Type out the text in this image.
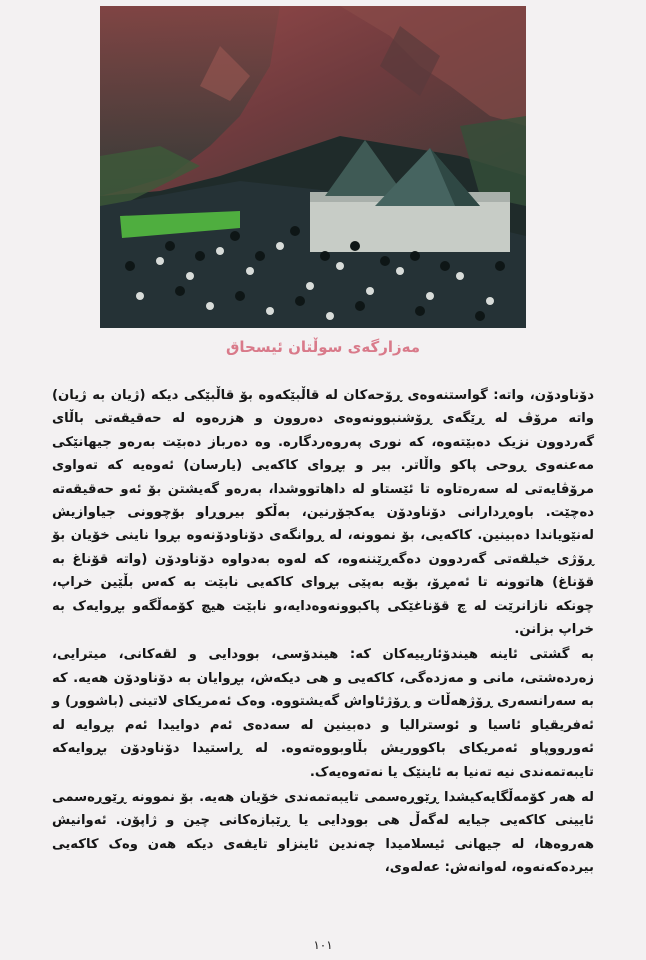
مەزارگەی سوڵتان ئیسحاق

دۆناودۆن، واتە: گواستنەوەی ڕۆحەکان لە قاڵبێکەوە بۆ قاڵبێکی دیکە (ژیان بە ژیان) واتە مرۆڤ لە ڕێگەی ڕۆشنبوونەوەی دەروون و هزرەوە لە حەقیقەتی باڵای گەردوون نزیک دەبێتەوە، کە نوری پەروەردگارە. وە دەرباز دەبێت بەرەو جیهانێکی مەعنەوی ڕوحی پاکو واڵاتر. بیر و بڕوای کاکەیی (یارسان) ئەوەیە کە تەواوی مرۆڤایەتی لە سەرەتاوە تا ئێستاو لە داهاتووشدا، بەرەو گەیشتن بۆ ئەو حەقیقەتە دەچێت. باوەڕدارانی دۆناودۆن یەکجۆرنین، بەڵکو بیروڕاو بۆچوونی جیاوازیش لەنێویاندا دەبینین. کاکەیی، بۆ نموونە، لە ڕوانگەی دۆناودۆنەوە بڕوا ناینی خۆیان بۆ ڕۆژی خیلقەتی گەردوون دەگەڕێننەوە، کە لەوە بەدواوە دۆناودۆن (واتە قۆناغ بە قۆناغ) هاتوونە تا ئەمڕۆ، بۆیە بەپێی بڕوای کاکەیی نابێت بە کەس بڵێین خراپ، چونکە نازانرێت لە چ قۆناغێکی پاکبوونەوەدایە،و نابێت هیچ کۆمەڵگەو بڕوایەک بە خراپ بزانن.

بە گشتی ئاینە هیندۆئارییەکان کە: هیندۆسی، بوودایی و لقەکانی، میترایی، زەردەشتی، مانی و مەزدەگی، کاکەیی و هی دیکەش، بڕوایان بە دۆناودۆن هەیە. کە بە سەرانسەری ڕۆژهەڵات و ڕۆژئاواش گەیشتووە. وەک ئەمریکای لاتینی (باشوور) و ئەفریقیاو ئاسیا و ئوسترالیا و دەبینین لە سەدەی ئەم دواییدا ئەم بڕوایە لە ئەورووپاو ئەمریکای باکووریش بڵاوبووەتەوە. لە ڕاستیدا دۆناودۆن بڕوایەکە تایبەتمەندی نیە تەنیا بە ئاینێک یا نەتەوەیەک.

لە هەر کۆمەڵگایەکیشدا ڕێوڕەسمی تایبەتمەندی خۆیان هەیە. بۆ نموونە ڕێوڕەسمی ئایینی کاکەیی جیایە لەگەڵ هی بوودایی یا ڕێبازەکانی چین و ژاپۆن. ئەوانیش هەروەها، لە جیهانی ئیسلامیدا چەندین ئاینزاو تایفەی دیکە هەن وەک کاکەیی بیردەکەنەوە، لەوانەش: عەلەوی،

١٠١
